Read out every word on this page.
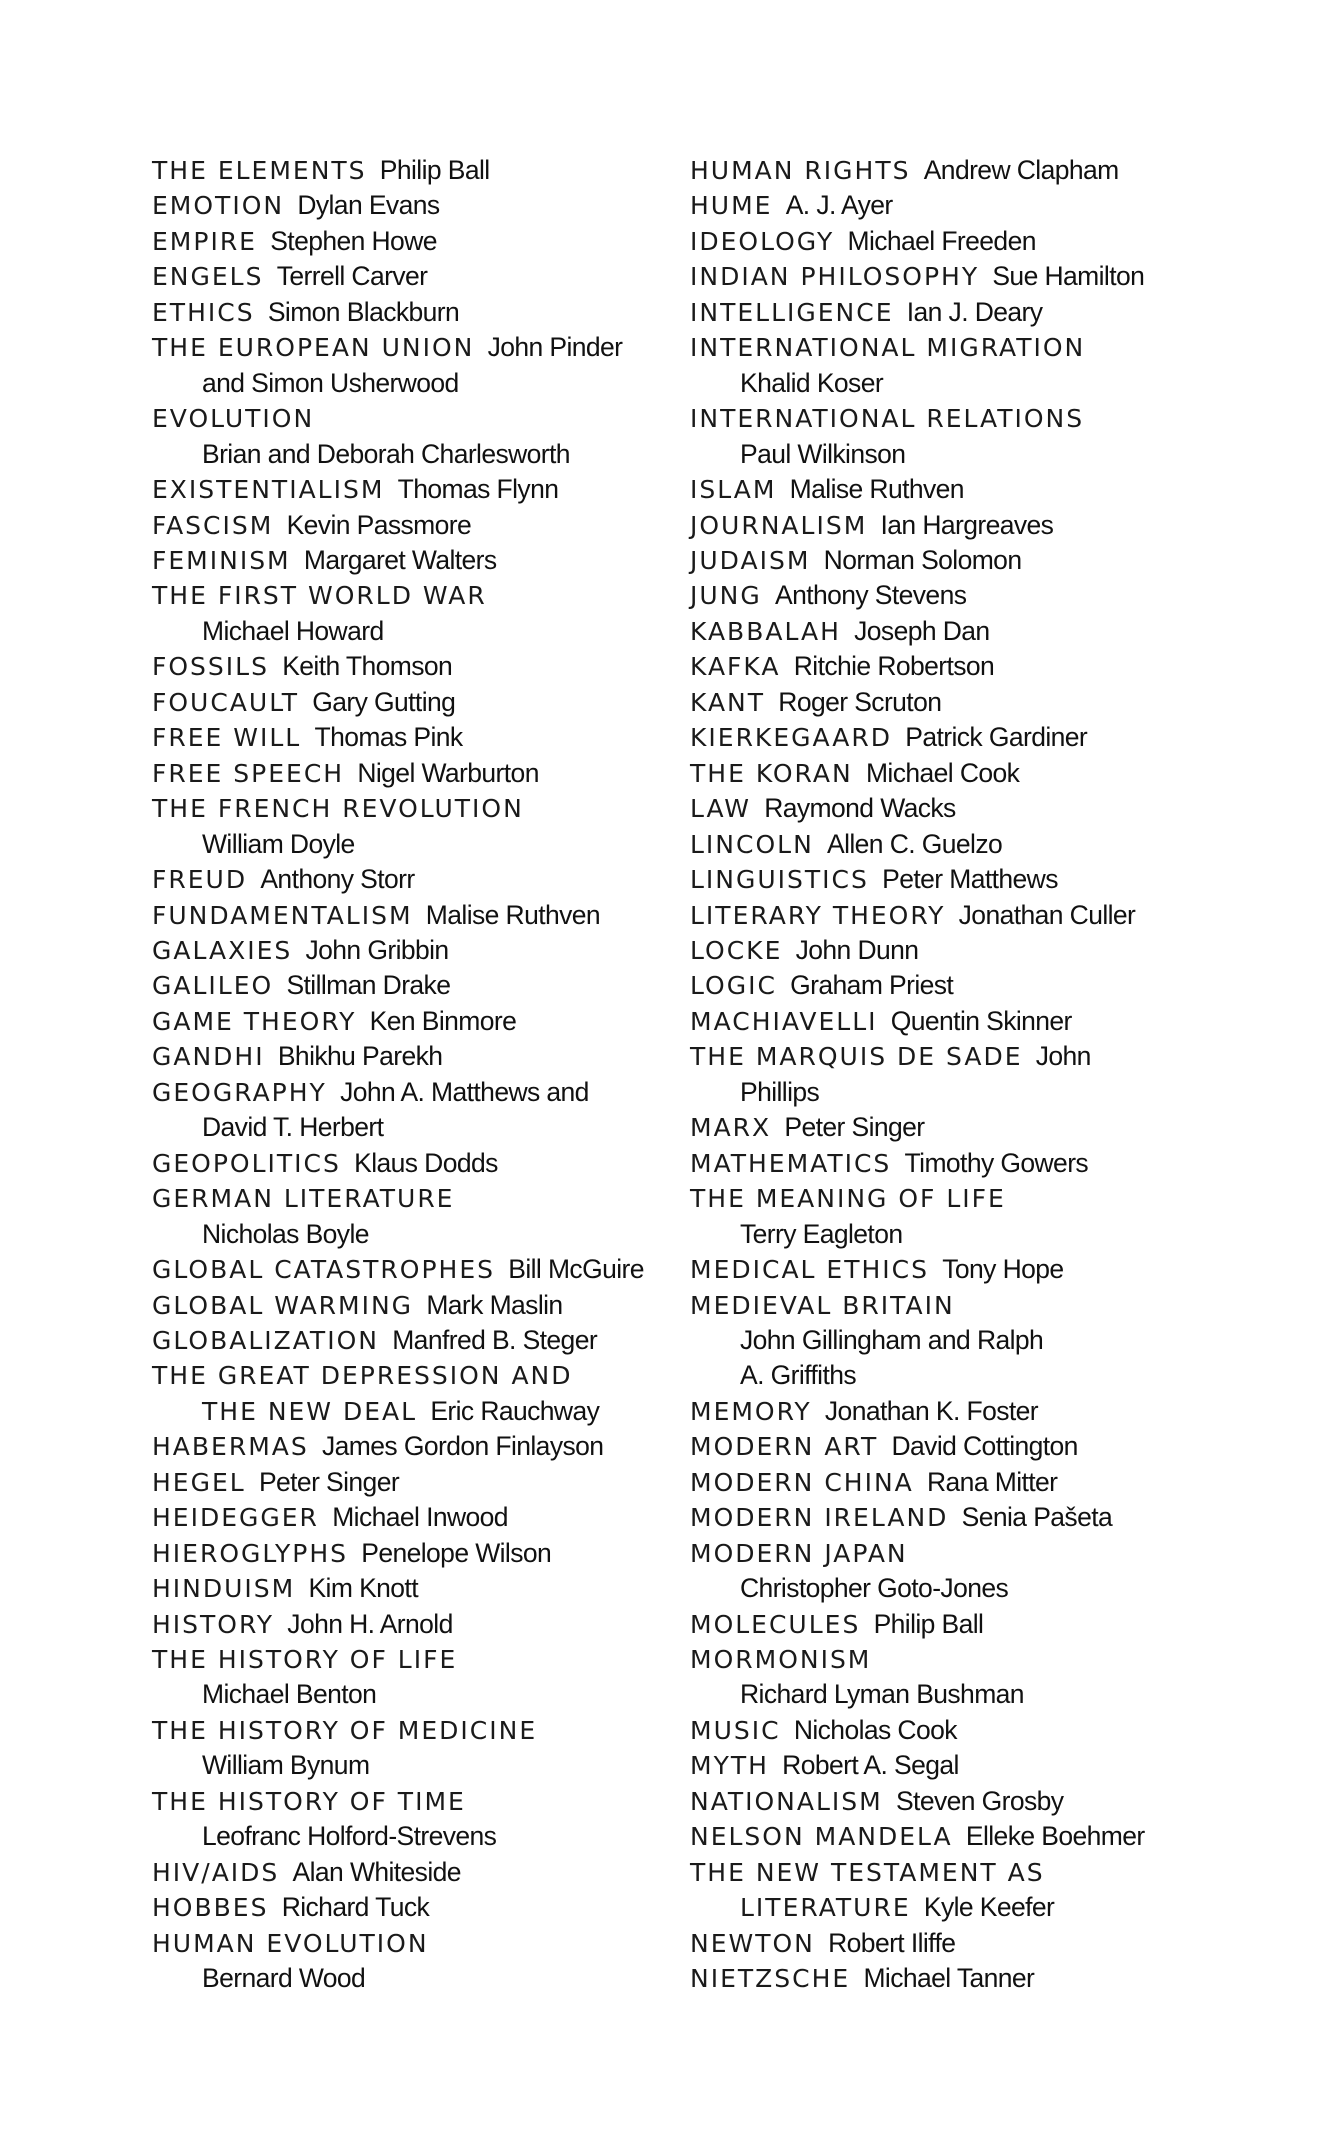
THE ELEMENTS  Philip Ball

EMOTION  Dylan Evans

EMPIRE  Stephen Howe

ENGELS  Terrell Carver

ETHICS  Simon Blackburn

THE EUROPEAN UNION  John Pinder
and Simon Usherwood

EVOLUTION
Brian and Deborah Charlesworth

EXISTENTIALISM  Thomas Flynn

FASCISM  Kevin Passmore

FEMINISM  Margaret Walters

THE FIRST WORLD WAR
Michael Howard

FOSSILS  Keith Thomson

FOUCAULT  Gary Gutting

FREE WILL  Thomas Pink

FREE SPEECH  Nigel Warburton

THE FRENCH REVOLUTION
William Doyle

FREUD  Anthony Storr

FUNDAMENTALISM  Malise Ruthven

GALAXIES  John Gribbin

GALILEO  Stillman Drake

GAME THEORY  Ken Binmore

GANDHI  Bhikhu Parekh

GEOGRAPHY  John A. Matthews and
David T. Herbert

GEOPOLITICS  Klaus Dodds

GERMAN LITERATURE
Nicholas Boyle

GLOBAL CATASTROPHES  Bill McGuire

GLOBAL WARMING  Mark Maslin

GLOBALIZATION  Manfred B. Steger

THE GREAT DEPRESSION AND
THE NEW DEAL  Eric Rauchway

HABERMAS  James Gordon Finlayson

HEGEL  Peter Singer

HEIDEGGER  Michael Inwood

HIEROGLYPHS  Penelope Wilson

HINDUISM  Kim Knott

HISTORY  John H. Arnold

THE HISTORY OF LIFE
Michael Benton

THE HISTORY OF MEDICINE
William Bynum

THE HISTORY OF TIME
Leofranc Holford-Strevens

HIV/AIDS  Alan Whiteside

HOBBES  Richard Tuck

HUMAN EVOLUTION
Bernard Wood

HUMAN RIGHTS  Andrew Clapham

HUME  A. J. Ayer

IDEOLOGY  Michael Freeden

INDIAN PHILOSOPHY  Sue Hamilton

INTELLIGENCE  Ian J. Deary

INTERNATIONAL MIGRATION
Khalid Koser

INTERNATIONAL RELATIONS
Paul Wilkinson

ISLAM  Malise Ruthven

JOURNALISM  Ian Hargreaves

JUDAISM  Norman Solomon

JUNG  Anthony Stevens

KABBALAH  Joseph Dan

KAFKA  Ritchie Robertson

KANT  Roger Scruton

KIERKEGAARD  Patrick Gardiner

THE KORAN  Michael Cook

LAW  Raymond Wacks

LINCOLN  Allen C. Guelzo

LINGUISTICS  Peter Matthews

LITERARY THEORY  Jonathan Culler

LOCKE  John Dunn

LOGIC  Graham Priest

MACHIAVELLI  Quentin Skinner

THE MARQUIS DE SADE  John
Phillips

MARX  Peter Singer

MATHEMATICS  Timothy Gowers

THE MEANING OF LIFE
Terry Eagleton

MEDICAL ETHICS  Tony Hope

MEDIEVAL BRITAIN
John Gillingham and Ralph
A. Griffiths

MEMORY  Jonathan K. Foster

MODERN ART  David Cottington

MODERN CHINA  Rana Mitter

MODERN IRELAND  Senia Pašeta

MODERN JAPAN
Christopher Goto-Jones

MOLECULES  Philip Ball

MORMONISM
Richard Lyman Bushman

MUSIC  Nicholas Cook

MYTH  Robert A. Segal

NATIONALISM  Steven Grosby

NELSON MANDELA  Elleke Boehmer

THE NEW TESTAMENT AS
LITERATURE  Kyle Keefer

NEWTON  Robert Iliffe

NIETZSCHE  Michael Tanner
